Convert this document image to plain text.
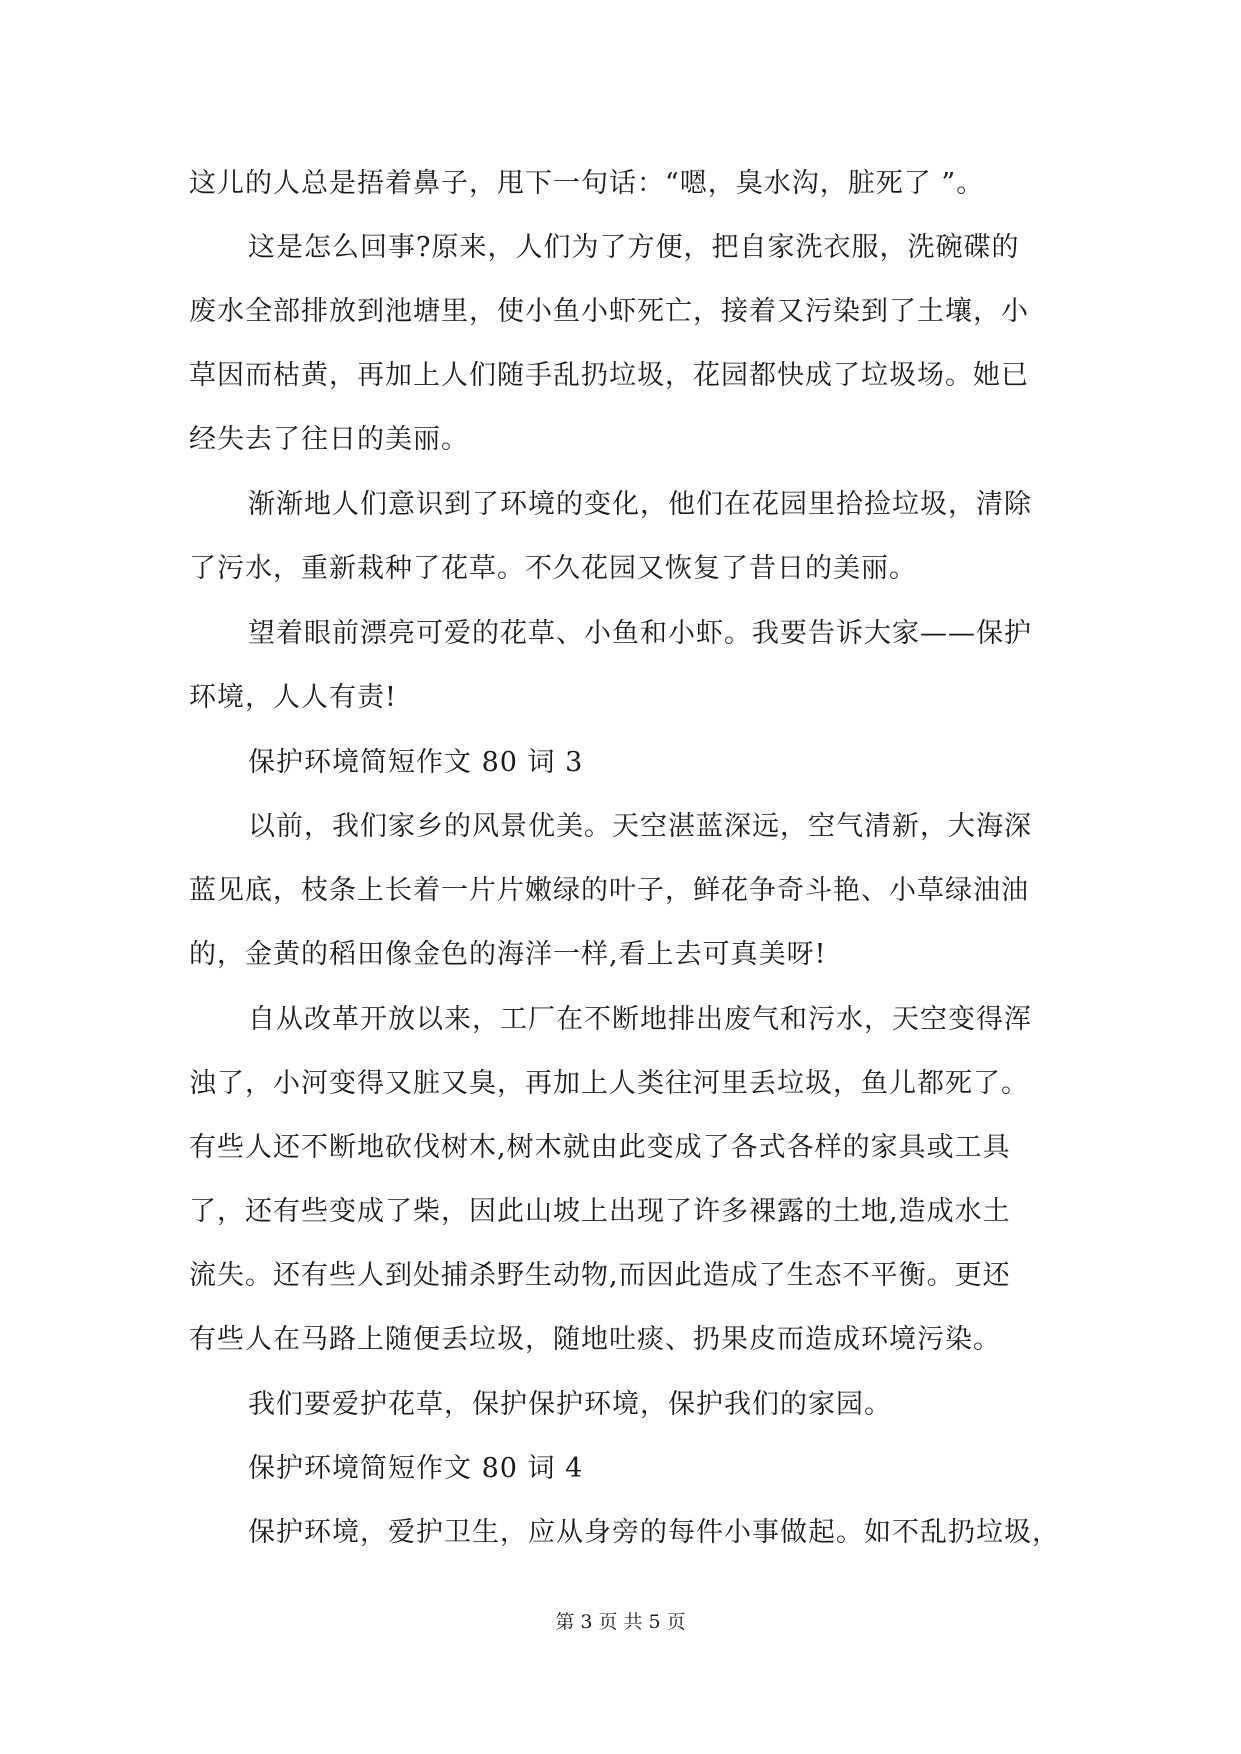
这儿的人总是捂着鼻子，甩下一句话：“嗯，臭水沟，脏死了 ”。
这是怎么回事?原来，人们为了方便，把自家洗衣服，洗碗碟的
废水全部排放到池塘里，使小鱼小虾死亡，接着又污染到了土壤，小
草因而枯黄，再加上人们随手乱扔垃圾，花园都快成了垃圾场。她已
经失去了往日的美丽。
渐渐地人们意识到了环境的变化，他们在花园里拾捡垃圾，清除
了污水，重新栽种了花草。不久花园又恢复了昔日的美丽。
望着眼前漂亮可爱的花草、小鱼和小虾。我要告诉大家——保护
环境，人人有责!
保护环境简短作文 80 词 3
以前，我们家乡的风景优美。天空湛蓝深远，空气清新，大海深
蓝见底，枝条上长着一片片嫩绿的叶子，鲜花争奇斗艳、小草绿油油
的，金黄的稻田像金色的海洋一样,看上去可真美呀!
自从改革开放以来，工厂在不断地排出废气和污水，天空变得浑
浊了，小河变得又脏又臭，再加上人类往河里丢垃圾，鱼儿都死了。
有些人还不断地砍伐树木,树木就由此变成了各式各样的家具或工具
了，还有些变成了柴，因此山坡上出现了许多裸露的土地,造成水土
流失。还有些人到处捕杀野生动物,而因此造成了生态不平衡。更还
有些人在马路上随便丢垃圾，随地吐痰、扔果皮而造成环境污染。
我们要爱护花草，保护保护环境，保护我们的家园。
保护环境简短作文 80 词 4
保护环境，爱护卫生，应从身旁的每件小事做起。如不乱扔垃圾，
第 3 页 共 5 页
